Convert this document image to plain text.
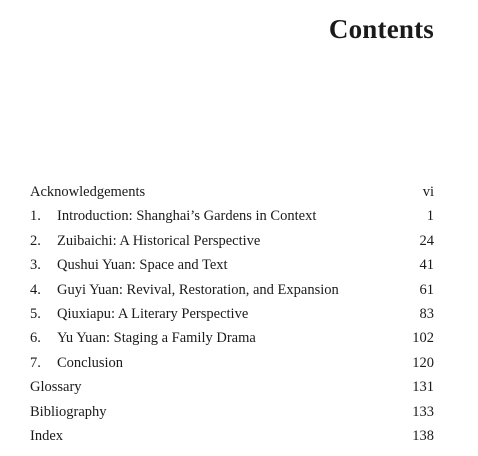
Contents
Acknowledgements	vi
1.	Introduction: Shanghai’s Gardens in Context	1
2.	Zuibaichi: A Historical Perspective	24
3.	Qushui Yuan: Space and Text	41
4.	Guyi Yuan: Revival, Restoration, and Expansion	61
5.	Qiuxiapu: A Literary Perspective	83
6.	Yu Yuan: Staging a Family Drama	102
7.	Conclusion	120
Glossary	131
Bibliography	133
Index	138
